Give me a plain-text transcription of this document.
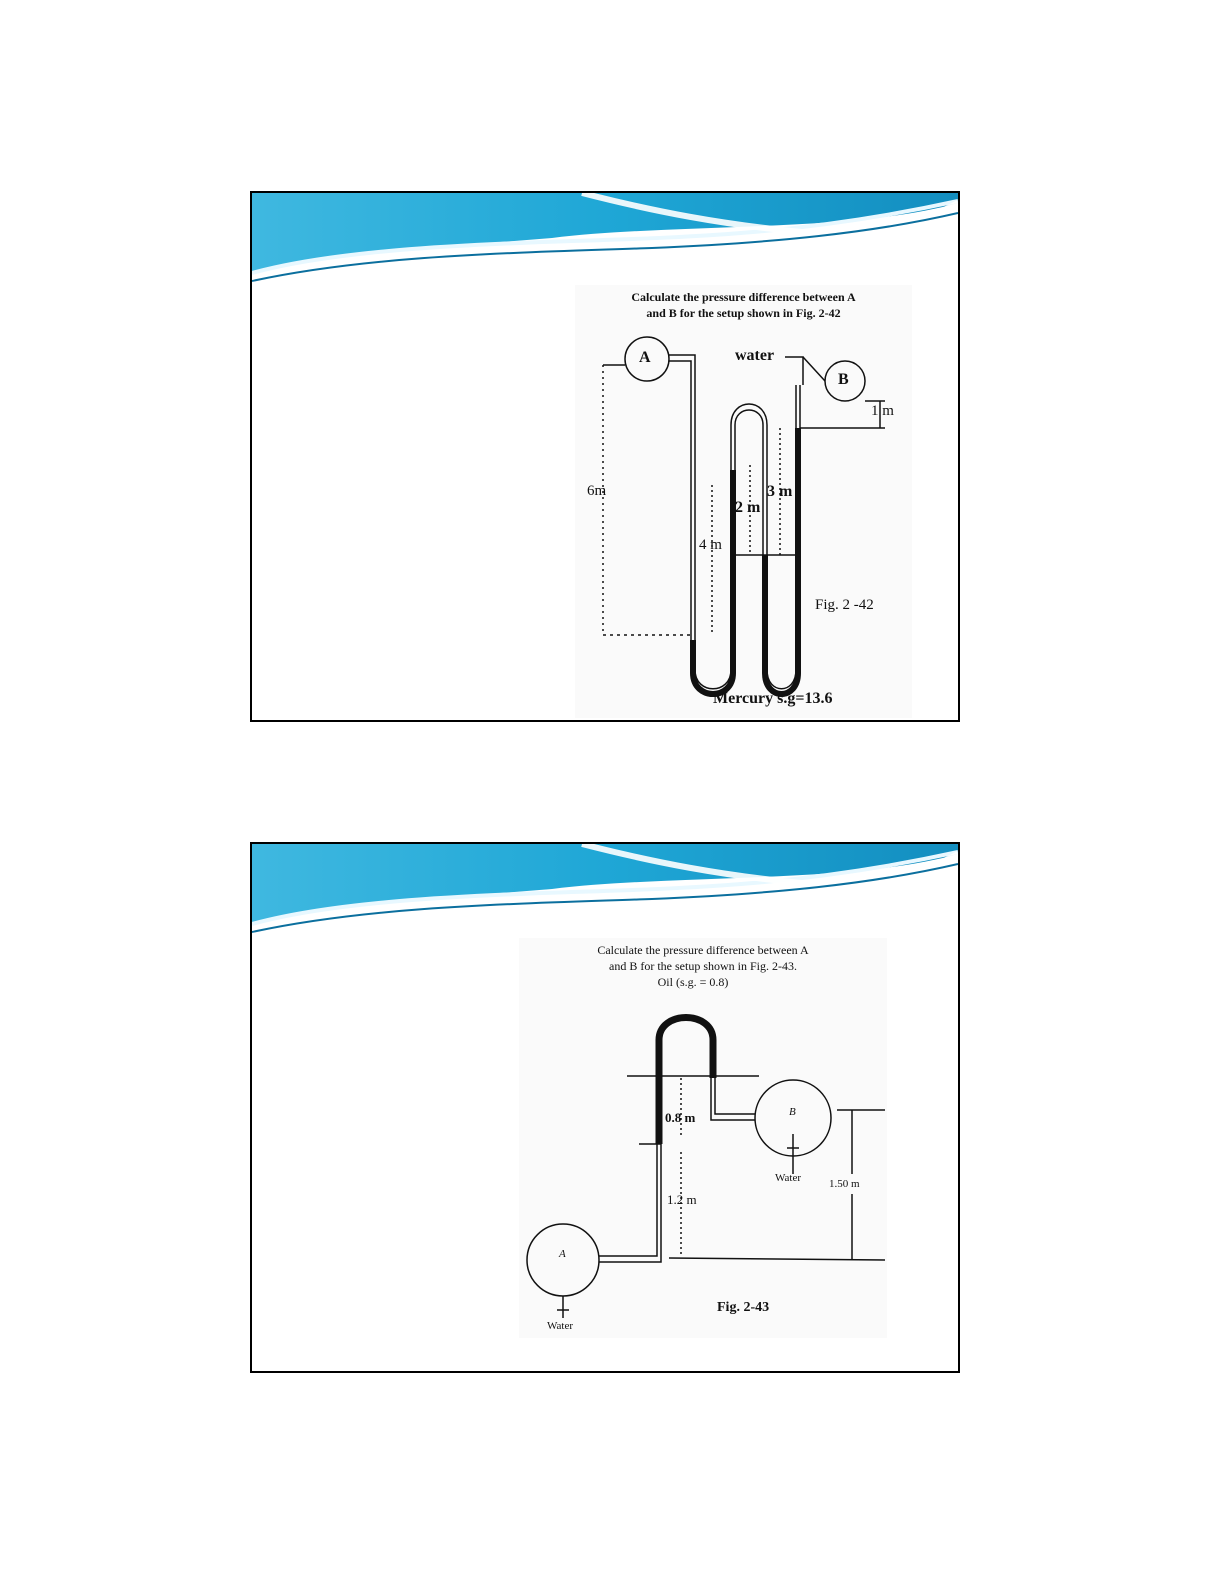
Calculate the pressure difference between A
and B for the setup shown in Fig. 2-42
A	water
B
1 m
6m
2 m
3 m
4 m
Fig. 2 -42
Mercury s.g=13.6
Calculate the pressure difference between A
and B for the setup shown in Fig. 2-43.
Oil (s.g. = 0.8)
B
Water
0.8 m
1.2 m
1.50 m
A
Water
Fig. 2-43
